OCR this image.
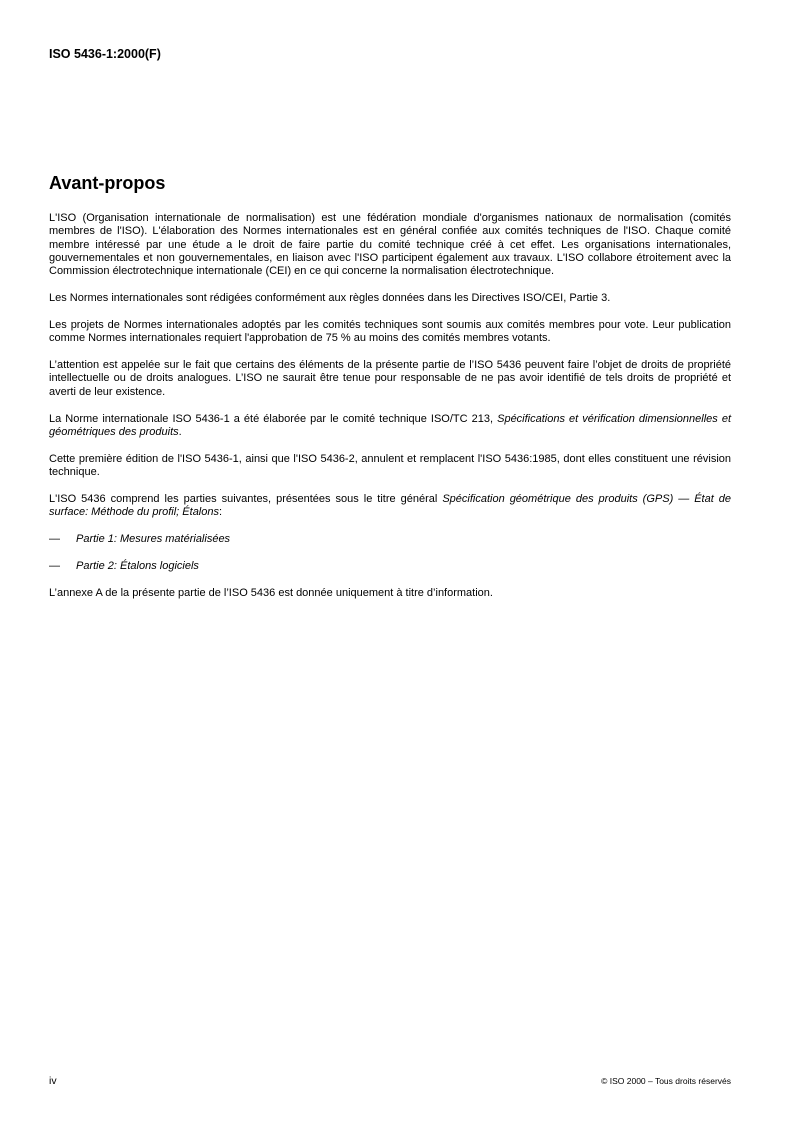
ISO 5436-1:2000(F)
Avant-propos

L'ISO (Organisation internationale de normalisation) est une fédération mondiale d'organismes nationaux de normalisation (comités membres de l'ISO). L'élaboration des Normes internationales est en général confiée aux comités techniques de l'ISO. Chaque comité membre intéressé par une étude a le droit de faire partie du comité technique créé à cet effet. Les organisations internationales, gouvernementales et non gouvernementales, en liaison avec l'ISO participent également aux travaux. L'ISO collabore étroitement avec la Commission électrotechnique internationale (CEI) en ce qui concerne la normalisation électrotechnique.

Les Normes internationales sont rédigées conformément aux règles données dans les Directives ISO/CEI, Partie 3.

Les projets de Normes internationales adoptés par les comités techniques sont soumis aux comités membres pour vote. Leur publication comme Normes internationales requiert l'approbation de 75 % au moins des comités membres votants.

L’attention est appelée sur le fait que certains des éléments de la présente partie de l’ISO 5436 peuvent faire l’objet de droits de propriété intellectuelle ou de droits analogues. L’ISO ne saurait être tenue pour responsable de ne pas avoir identifié de tels droits de propriété et averti de leur existence.

La Norme internationale ISO 5436-1 a été élaborée par le comité technique ISO/TC 213, Spécifications et vérification dimensionnelles et géométriques des produits.

Cette première édition de l'ISO 5436-1, ainsi que l'ISO 5436-2, annulent et remplacent l'ISO 5436:1985, dont elles constituent une révision technique.

L'ISO 5436 comprend les parties suivantes, présentées sous le titre général Spécification géométrique des produits (GPS) — État de surface: Méthode du profil; Étalons:

—	Partie 1: Mesures matérialisées
—	Partie 2: Étalons logiciels

L’annexe A de la présente partie de l’ISO 5436 est donnée uniquement à titre d’information.

iv	© ISO 2000 – Tous droits réservés
